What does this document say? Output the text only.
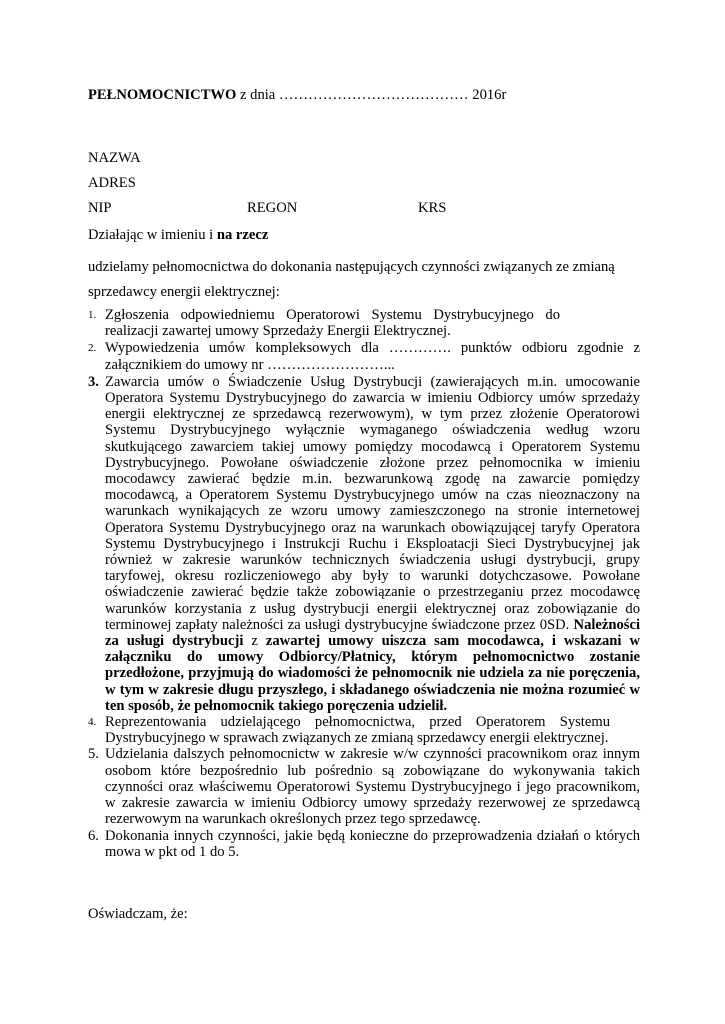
PEŁNOMOCNICTWO z dnia ………………………………… 2016r
NAZWA
ADRES
NIP	REGON	KRS
Działając w imieniu i na rzecz
udzielamy pełnomocnictwa do dokonania następujących czynności związanych ze zmianą
sprzedawcy energii elektrycznej:
1. Zgłoszenia odpowiedniemu Operatorowi Systemu Dystrybucyjnego do realizacji zawartej umowy Sprzedaży Energii Elektrycznej.
2. Wypowiedzenia umów kompleksowych dla …………. punktów odbioru zgodnie z załącznikiem do umowy nr ……………………...
3. Zawarcia umów o Świadczenie Usług Dystrybucji (zawierających m.in. umocowanie Operatora Systemu Dystrybucyjnego do zawarcia w imieniu Odbiorcy umów sprzedaży energii elektrycznej ze sprzedawcą rezerwowym), w tym przez złożenie Operatorowi Systemu Dystrybucyjnego wyłącznie wymaganego oświadczenia według wzoru skutkującego zawarciem takiej umowy pomiędzy mocodawcą i Operatorem Systemu Dystrybucyjnego. Powołane oświadczenie złożone przez pełnomocnika w imieniu mocodawcy zawierać będzie m.in. bezwarunkową zgodę na zawarcie pomiędzy mocodawcą, a Operatorem Systemu Dystrybucyjnego umów na czas nieoznaczony na warunkach wynikających ze wzoru umowy zamieszczonego na stronie internetowej Operatora Systemu Dystrybucyjnego oraz na warunkach obowiązującej taryfy Operatora Systemu Dystrybucyjnego i Instrukcji Ruchu i Eksploatacji Sieci Dystrybucyjnej jak również w zakresie warunków technicznych świadczenia usługi dystrybucji, grupy taryfowej, okresu rozliczeniowego aby były to warunki dotychczasowe. Powołane oświadczenie zawierać będzie także zobowiązanie o przestrzeganiu przez mocodawcę warunków korzystania z usług dystrybucji energii elektrycznej oraz zobowiązanie do terminowej zapłaty należności za usługi dystrybucyjne świadczone przez 0SD. Należności za usługi dystrybucji z zawartej umowy uiszcza sam mocodawca, i wskazani w załączniku do umowy Odbiorcy/Płatnicy, którym pełnomocnictwo zostanie przedłożone, przyjmują do wiadomości że pełnomocnik nie udziela za nie poręczenia, w tym w zakresie długu przyszłego, i składanego oświadczenia nie można rozumieć w ten sposób, że pełnomocnik takiego poręczenia udzielił.
4. Reprezentowania udzielającego pełnomocnictwa, przed Operatorem Systemu Dystrybucyjnego w sprawach związanych ze zmianą sprzedawcy energii elektrycznej.
5. Udzielania dalszych pełnomocnictw w zakresie w/w czynności pracownikom oraz innym osobom które bezpośrednio lub pośrednio są zobowiązane do wykonywania takich czynności oraz właściwemu Operatorowi Systemu Dystrybucyjnego i jego pracownikom, w zakresie zawarcia w imieniu Odbiorcy umowy sprzedaży rezerwowej ze sprzedawcą rezerwowym na warunkach określonych przez tego sprzedawcę.
6. Dokonania innych czynności, jakie będą konieczne do przeprowadzenia działań o których mowa w pkt od 1 do 5.
Oświadczam, że:
